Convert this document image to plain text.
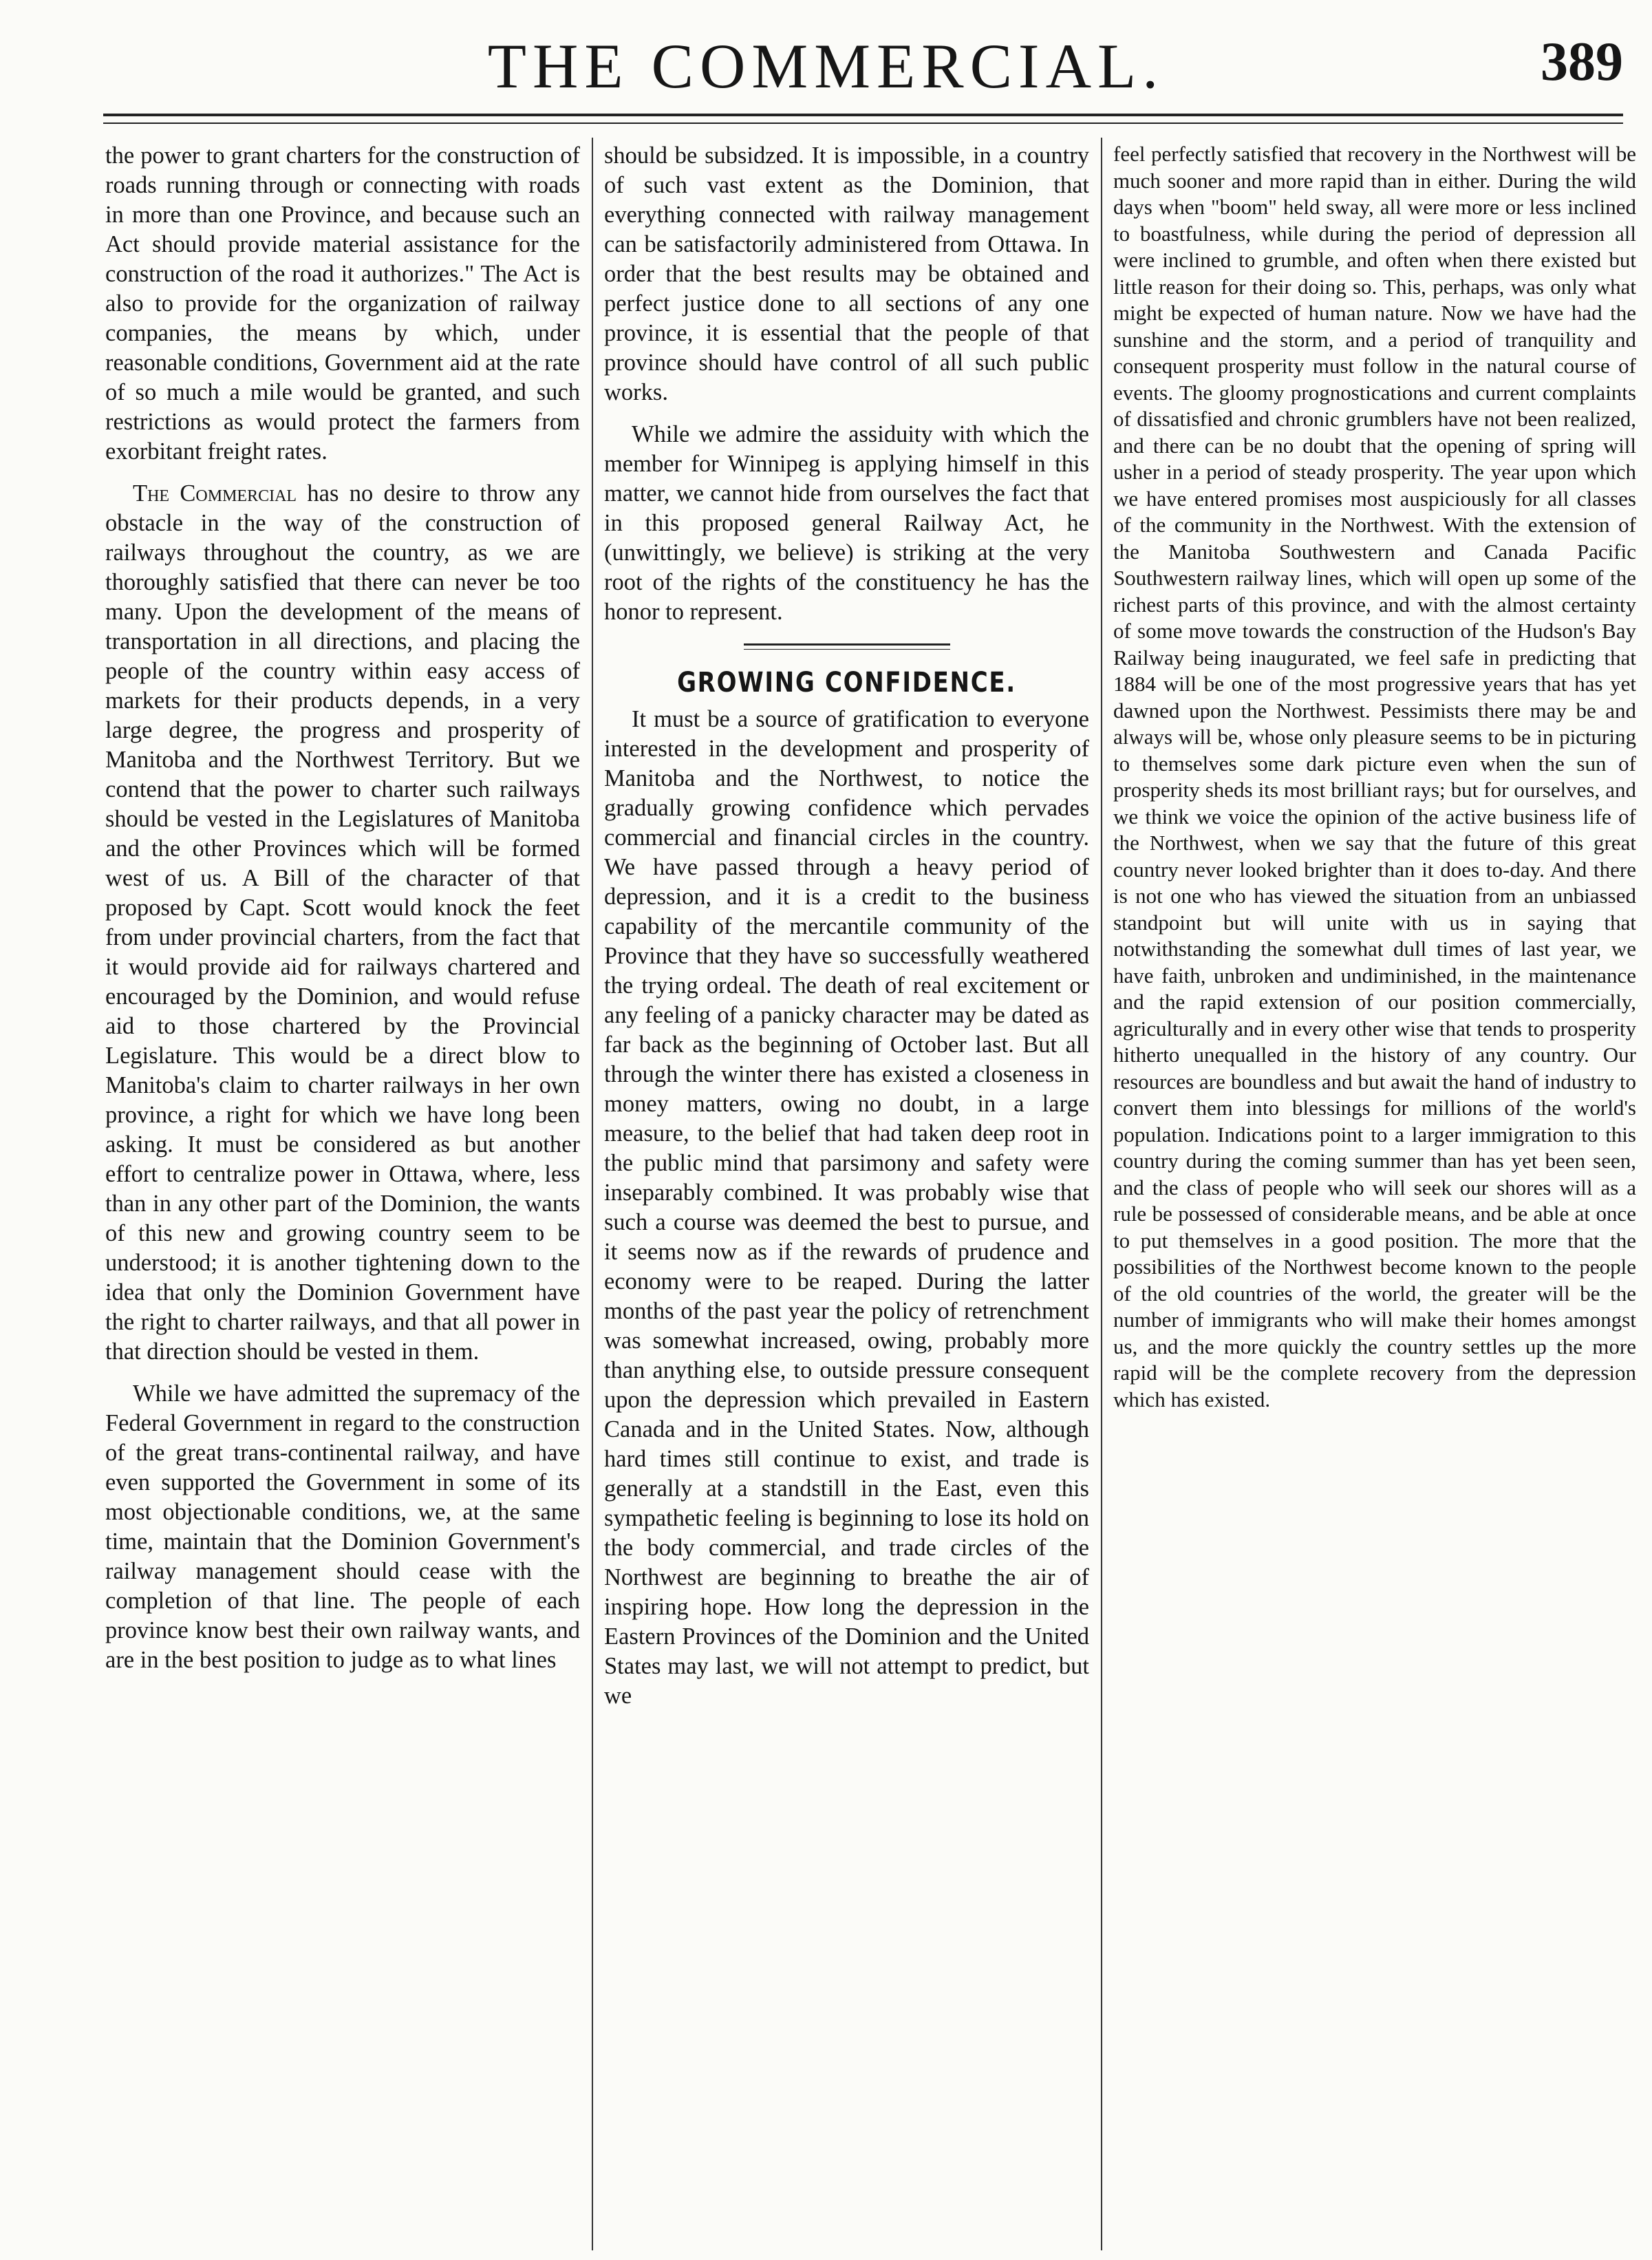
THE COMMERCIAL.	389

the power to grant charters for the construction of roads running through or connecting with roads in more than one Province, and because such an Act should provide material assistance for the construction of the road it authorizes." The Act is also to provide for the organization of railway companies, the means by which, under reasonable conditions, Government aid at the rate of so much a mile would be granted, and such restrictions as would protect the farmers from exorbitant freight rates.

The Commercial has no desire to throw any obstacle in the way of the construction of railways throughout the country, as we are thoroughly satisfied that there can never be too many. Upon the development of the means of transportation in all directions, and placing the people of the country within easy access of markets for their products depends, in a very large degree, the progress and prosperity of Manitoba and the Northwest Territory. But we contend that the power to charter such railways should be vested in the Legislatures of Manitoba and the other Provinces which will be formed west of us. A Bill of the character of that proposed by Capt. Scott would knock the feet from under provincial charters, from the fact that it would provide aid for railways chartered and encouraged by the Dominion, and would refuse aid to those chartered by the Provincial Legislature. This would be a direct blow to Manitoba's claim to charter railways in her own province, a right for which we have long been asking. It must be considered as but another effort to centralize power in Ottawa, where, less than in any other part of the Dominion, the wants of this new and growing country seem to be understood; it is another tightening down to the idea that only the Dominion Government have the right to charter railways, and that all power in that direction should be vested in them.

While we have admitted the supremacy of the Federal Government in regard to the construction of the great trans-continental railway, and have even supported the Government in some of its most objectionable conditions, we, at the same time, maintain that the Dominion Government's railway management should cease with the completion of that line. The people of each province know best their own railway wants, and are in the best position to judge as to what lines

should be subsidzed. It is impossible, in a country of such vast extent as the Dominion, that everything connected with railway management can be satisfactorily administered from Ottawa. In order that the best results may be obtained and perfect justice done to all sections of any one province, it is essential that the people of that province should have control of all such public works.

While we admire the assiduity with which the member for Winnipeg is applying himself in this matter, we cannot hide from ourselves the fact that in this proposed general Railway Act, he (unwittingly, we believe) is striking at the very root of the rights of the constituency he has the honor to represent.

GROWING CONFIDENCE.

It must be a source of gratification to everyone interested in the development and prosperity of Manitoba and the Northwest, to notice the gradually growing confidence which pervades commercial and financial circles in the country. We have passed through a heavy period of depression, and it is a credit to the business capability of the mercantile community of the Province that they have so successfully weathered the trying ordeal. The death of real excitement or any feeling of a panicky character may be dated as far back as the beginning of October last. But all through the winter there has existed a closeness in money matters, owing no doubt, in a large measure, to the belief that had taken deep root in the public mind that parsimony and safety were inseparably combined. It was probably wise that such a course was deemed the best to pursue, and it seems now as if the rewards of prudence and economy were to be reaped. During the latter months of the past year the policy of retrenchment was somewhat increased, owing, probably more than anything else, to outside pressure consequent upon the depression which prevailed in Eastern Canada and in the United States. Now, although hard times still continue to exist, and trade is generally at a standstill in the East, even this sympathetic feeling is beginning to lose its hold on the body commercial, and trade circles of the Northwest are beginning to breathe the air of inspiring hope. How long the depression in the Eastern Provinces of the Dominion and the United States may last, we will not attempt to predict, but we

feel perfectly satisfied that recovery in the Northwest will be much sooner and more rapid than in either. During the wild days when "boom" held sway, all were more or less inclined to boastfulness, while during the period of depression all were inclined to grumble, and often when there existed but little reason for their doing so. This, perhaps, was only what might be expected of human nature. Now we have had the sunshine and the storm, and a period of tranquility and consequent prosperity must follow in the natural course of events. The gloomy prognostications and current complaints of dissatisfied and chronic grumblers have not been realized, and there can be no doubt that the opening of spring will usher in a period of steady prosperity. The year upon which we have entered promises most auspiciously for all classes of the community in the Northwest. With the extension of the Manitoba Southwestern and Canada Pacific Southwestern railway lines, which will open up some of the richest parts of this province, and with the almost certainty of some move towards the construction of the Hudson's Bay Railway being inaugurated, we feel safe in predicting that 1884 will be one of the most progressive years that has yet dawned upon the Northwest. Pessimists there may be and always will be, whose only pleasure seems to be in picturing to themselves some dark picture even when the sun of prosperity sheds its most brilliant rays; but for ourselves, and we think we voice the opinion of the active business life of the Northwest, when we say that the future of this great country never looked brighter than it does to-day. And there is not one who has viewed the situation from an unbiassed standpoint but will unite with us in saying that notwithstanding the somewhat dull times of last year, we have faith, unbroken and undiminished, in the maintenance and the rapid extension of our position commercially, agriculturally and in every other wise that tends to prosperity hitherto unequalled in the history of any country. Our resources are boundless and but await the hand of industry to convert them into blessings for millions of the world's population. Indications point to a larger immigration to this country during the coming summer than has yet been seen, and the class of people who will seek our shores will as a rule be possessed of considerable means, and be able at once to put themselves in a good position. The more that the possibilities of the Northwest become known to the people of the old countries of the world, the greater will be the number of immigrants who will make their homes amongst us, and the more quickly the country settles up the more rapid will be the complete recovery from the depression which has existed.
